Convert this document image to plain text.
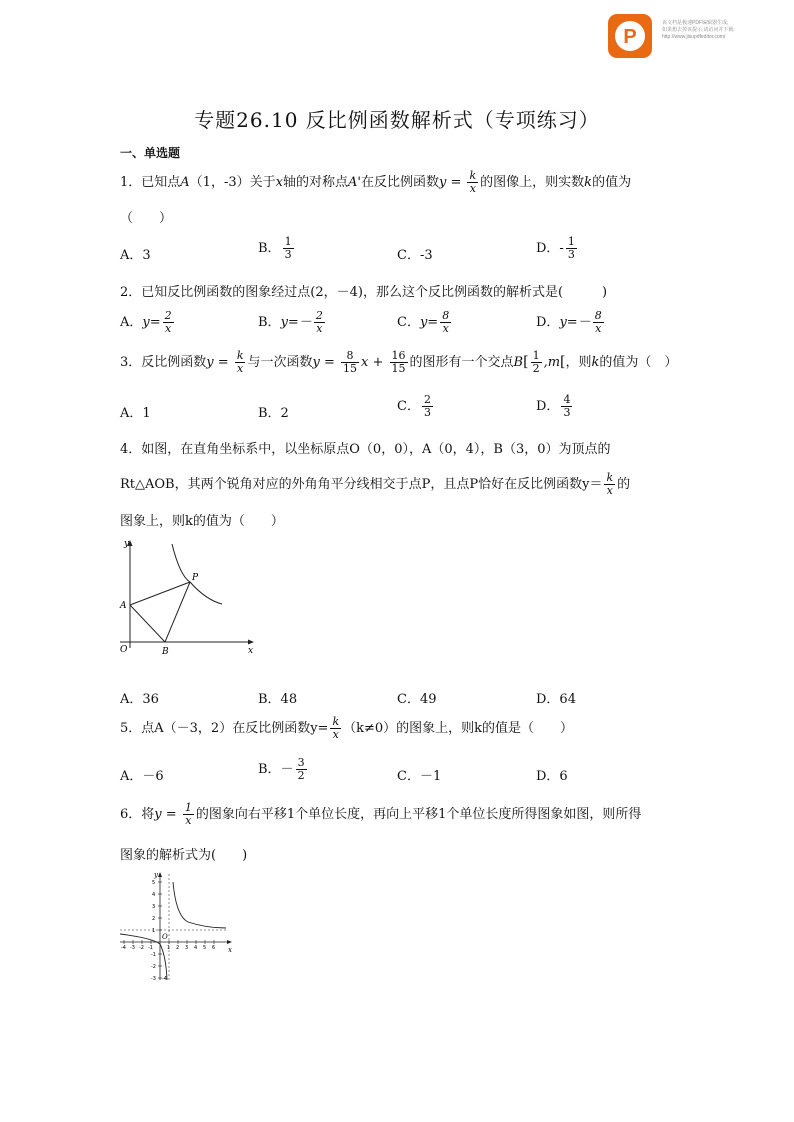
P
该文档是极速PDF编辑器生成,
如果想去掉该提示,请访问并下载:
http://www.jisupdfeditor.com/
专题26.10 反比例函数解析式（专项练习）
一、单选题
1．已知点A（1，-3）关于x轴的对称点A'在反比例函数$y = \frac{k}{x}$ 的图像上，则实数k的值为
（　　）
A．3	B． $\frac{1}{3}$	C．-3	D．- $\frac{1}{3}$
2．已知反比例函数的图象经过点(2，－4)，那么这个反比例函数的解析式是(　　　)
A．$y= \frac{2}{x}$	B．$y=- \frac{2}{x}$	C．$y= \frac{8}{x}$	D．$y=- \frac{8}{x}$
3．反比例函数$y = \frac{k}{x}$ 与一次函数$y = \frac{8}{15}$ $x + \frac{16}{15}$ 的图形有一个交点$B[ \frac{1}{2} ,m$[，则k的值为（　）
A．1	B．2	C． $\frac{2}{3}$	D． $\frac{4}{3}$
4．如图，在直角坐标系中，以坐标原点O（0，0），A（0，4），B（3，0）为顶点的
Rt△AOB，其两个锐角对应的外角角平分线相交于点P，且点P恰好在反比例函数$y= \frac{k}{x}$ 的
图象上，则k的值为（　　）
y
x
A
O	B
P
A．36	B．48	C．49	D．64
5．点A（－3，2）在反比例函数$y= \frac{k}{x} (k\ne 0)$的图象上，则k的值是（　　）
A．－6	B．－ $\frac{3}{2}$	C．－1	D．6
6．将$y = \frac{1}{x}$ 的图象向右平移1个单位长度，再向上平移1个单位长度所得图象如图，则所得
图象的解析式为(　　)
y
x
O
5
4
3
2
1
-1
-2
-3 -4
-4 -3 -2 -1	1 2 3 4 5 6
